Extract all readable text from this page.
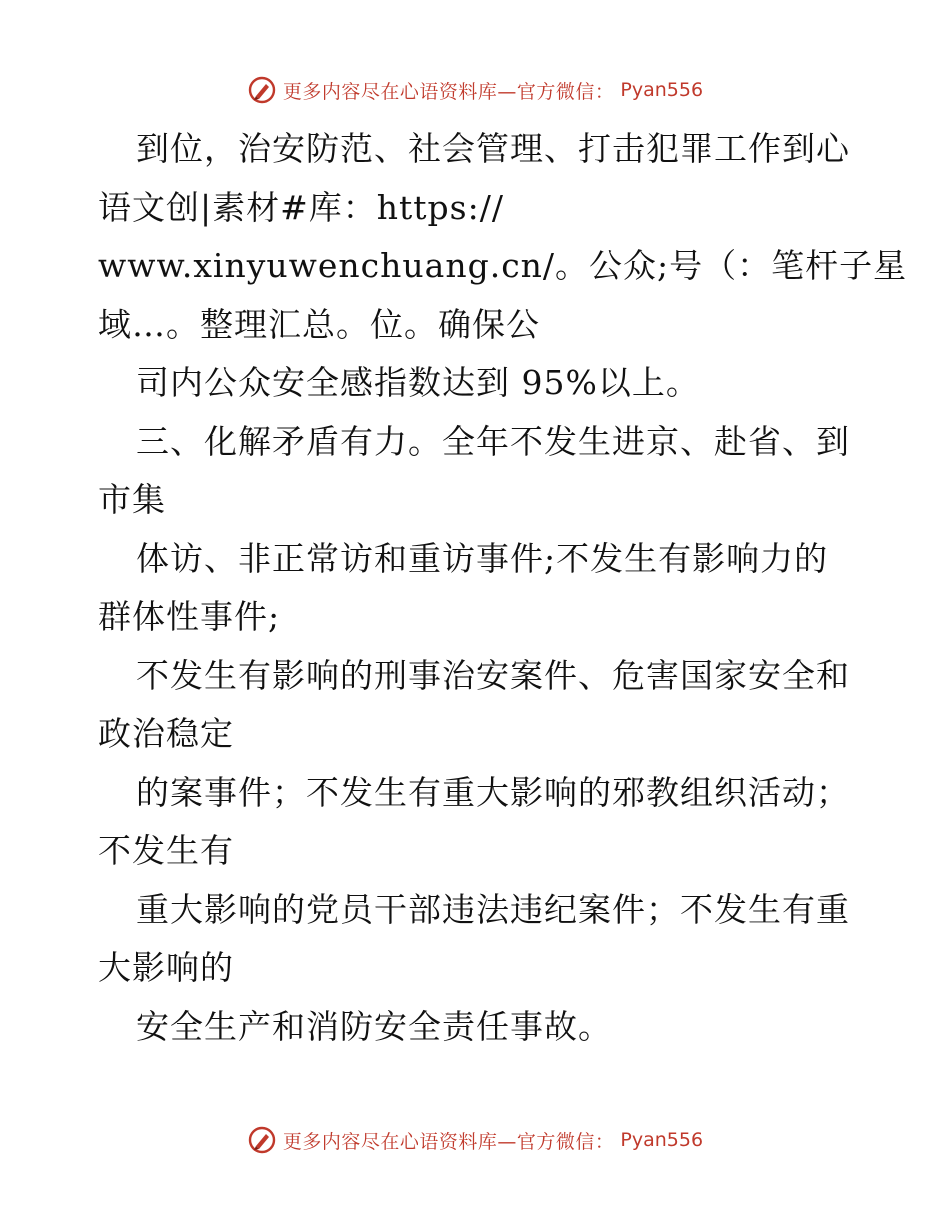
更多内容尽在心语资料库—官方微信： Pyan556
到位，治安防范、社会管理、打击犯罪工作到心
语文创|素材#库：https://
www.xinyuwenchuang.cn/。公众;号（：笔杆子星
域…。整理汇总。位。确保公
司内公众安全感指数达到 95%以上。
三、化解矛盾有力。全年不发生进京、赴省、到
市集
体访、非正常访和重访事件;不发生有影响力的
群体性事件;
不发生有影响的刑事治安案件、危害国家安全和
政治稳定
的案事件；不发生有重大影响的邪教组织活动；
不发生有
重大影响的党员干部违法违纪案件；不发生有重
大影响的
安全生产和消防安全责任事故。
更多内容尽在心语资料库—官方微信： Pyan556
